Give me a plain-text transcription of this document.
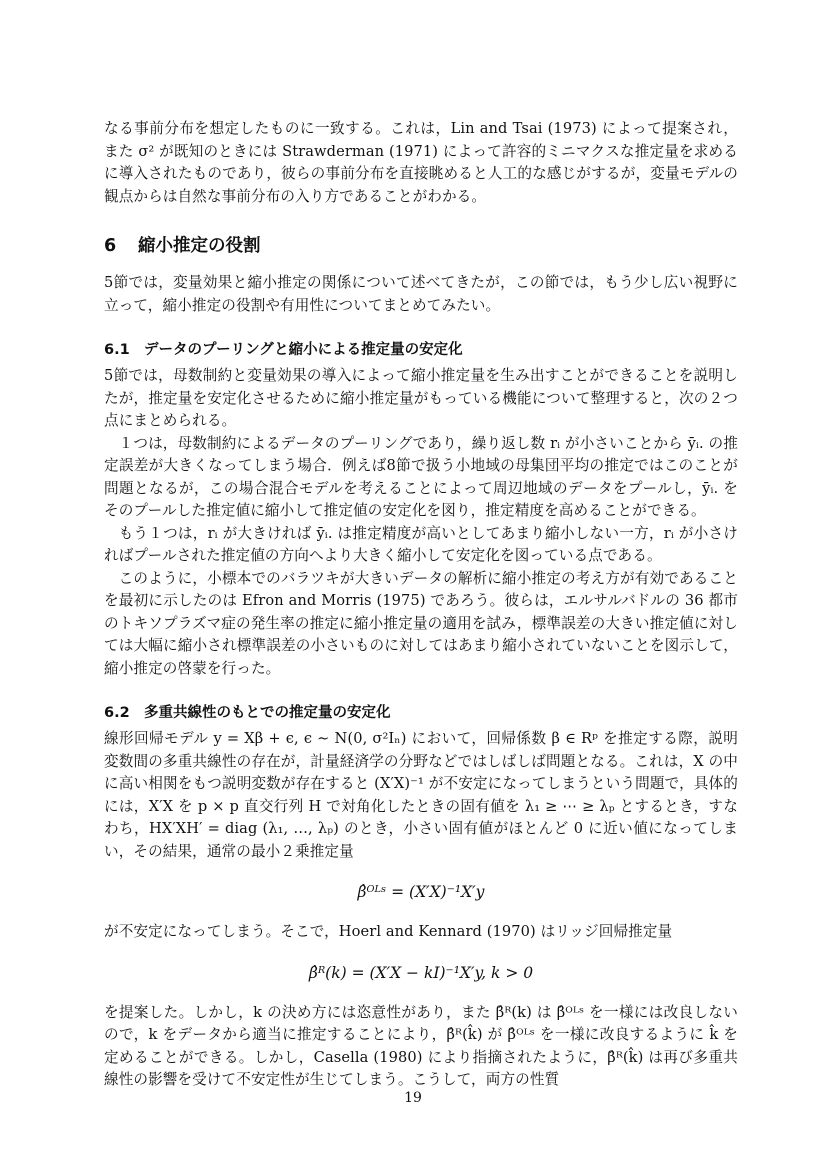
なる事前分布を想定したものに一致する。これは，Lin and Tsai (1973) によって提案され，また σ² が既知のときには Strawderman (1971) によって許容的ミニマクスな推定量を求めるに導入されたものであり，彼らの事前分布を直接眺めると人工的な感じがするが，変量モデルの観点からは自然な事前分布の入り方であることがわかる。

6 縮小推定の役割

5節では，変量効果と縮小推定の関係について述べてきたが，この節では，もう少し広い視野に立って，縮小推定の役割や有用性についてまとめてみたい。

6.1 データのプーリングと縮小による推定量の安定化

5節では，母数制約と変量効果の導入によって縮小推定量を生み出すことができることを説明したが，推定量を安定化させるために縮小推定量がもっている機能について整理すると，次の２つ点にまとめられる。

１つは，母数制約によるデータのプーリングであり，繰り返し数 rᵢ が小さいことから ȳᵢ. の推定誤差が大きくなってしまう場合．例えば8節で扱う小地域の母集団平均の推定ではこのことが問題となるが，この場合混合モデルを考えることによって周辺地域のデータをプールし，ȳᵢ. をそのプールした推定値に縮小して推定値の安定化を図り，推定精度を高めることができる。

もう１つは，rᵢ が大きければ ȳᵢ. は推定精度が高いとしてあまり縮小しない一方，rᵢ が小さければプールされた推定値の方向へより大きく縮小して安定化を図っている点である。

このように，小標本でのバラツキが大きいデータの解析に縮小推定の考え方が有効であることを最初に示したのは Efron and Morris (1975) であろう。彼らは，エルサルバドルの 36 都市のトキソプラズマ症の発生率の推定に縮小推定量の適用を試み，標準誤差の大きい推定値に対しては大幅に縮小され標準誤差の小さいものに対してはあまり縮小されていないことを図示して，縮小推定の啓蒙を行った。

6.2 多重共線性のもとでの推定量の安定化

線形回帰モデル y = Xβ + ϵ, ϵ ∼ N(0, σ²Iₙ) において，回帰係数 β ∈ Rᵖ を推定する際，説明変数間の多重共線性の存在が，計量経済学の分野などではしばしば問題となる。これは，X の中に高い相関をもつ説明変数が存在すると (X′X)⁻¹ が不安定になってしまうという問題で，具体的には，X′X を p × p 直交行列 H で対角化したときの固有値を λ₁ ≥ ⋯ ≥ λₚ とするとき，すなわち，HX′XH′ = diag (λ₁, …, λₚ) のとき，小さい固有値がほとんど 0 に近い値になってしまい，その結果，通常の最小２乗推定量

β̂ᴼᴸˢ = (X′X)⁻¹X′y

が不安定になってしまう。そこで，Hoerl and Kennard (1970) はリッジ回帰推定量

β̂ᴿ(k) = (X′X − kI)⁻¹X′y, k > 0

を提案した。しかし，k の決め方には恣意性があり，また β̂ᴿ(k) は β̂ᴼᴸˢ を一様には改良しないので，k をデータから適当に推定することにより，β̂ᴿ(k̂) が β̂ᴼᴸˢ を一様に改良するように k̂ を定めることができる。しかし，Casella (1980) により指摘されたように，β̂ᴿ(k̂) は再び多重共線性の影響を受けて不安定性が生じてしまう。こうして，両方の性質

19
